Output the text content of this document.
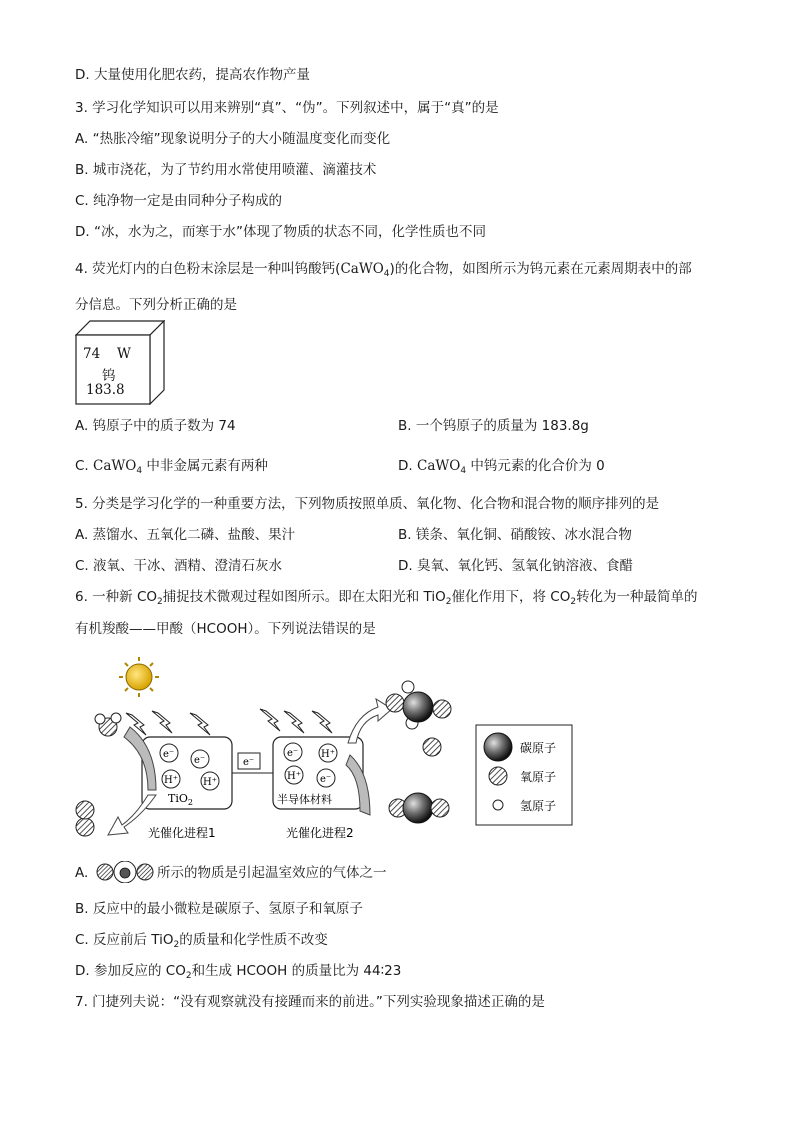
D. 大量使用化肥农药，提高农作物产量
3. 学习化学知识可以用来辨别“真”、“伪”。下列叙述中，属于“真”的是
A. “热胀冷缩”现象说明分子的大小随温度变化而变化
B. 城市浇花，为了节约用水常使用喷灌、滴灌技术
C. 纯净物一定是由同种分子构成的
D. “冰，水为之，而寒于水”体现了物质的状态不同，化学性质也不同
4. 荧光灯内的白色粉末涂层是一种叫钨酸钙(CaWO$_4$)的化合物，如图所示为钨元素在元素周期表中的部
分信息。下列分析正确的是
74 W
钨
183.8
A. 钨原子中的质子数为 74	B. 一个钨原子的质量为 183.8g
C. CaWO$_4$ 中非金属元素有两种	D. CaWO$_4$ 中钨元素的化合价为 0
5. 分类是学习化学的一种重要方法，下列物质按照单质、氧化物、化合物和混合物的顺序排列的是
A. 蒸馏水、五氧化二磷、盐酸、果汁	B. 镁条、氧化铜、硝酸铵、冰水混合物
C. 液氧、干冰、酒精、澄清石灰水	D. 臭氧、氧化钙、氢氧化钠溶液、食醋
6. 一种新 $CO_2$捕捉技术微观过程如图所示。即在太阳光和 TiO$_2$催化作用下，将 $CO_2$转化为一种最简单的
有机羧酸——甲酸（HCOOH）。下列说法错误的是
e⁻
e⁻
H⁺	H⁺
TiO$_2$
e⁻
e⁻ H⁺
H⁺ e⁻
半导体材料
碳原子
氧原子
氢原子
光催化进程1	光催化进程2
A.	所示的物质是引起温室效应的气体之一
B. 反应中的最小微粒是碳原子、氢原子和氧原子
C. 反应前后 TiO$_2$的质量和化学性质不改变
D. 参加反应的 $CO_2$和生成 HCOOH 的质量比为 44∶23
7. 门捷列夫说：“没有观察就没有接踵而来的前进。”下列实验现象描述正确的是
